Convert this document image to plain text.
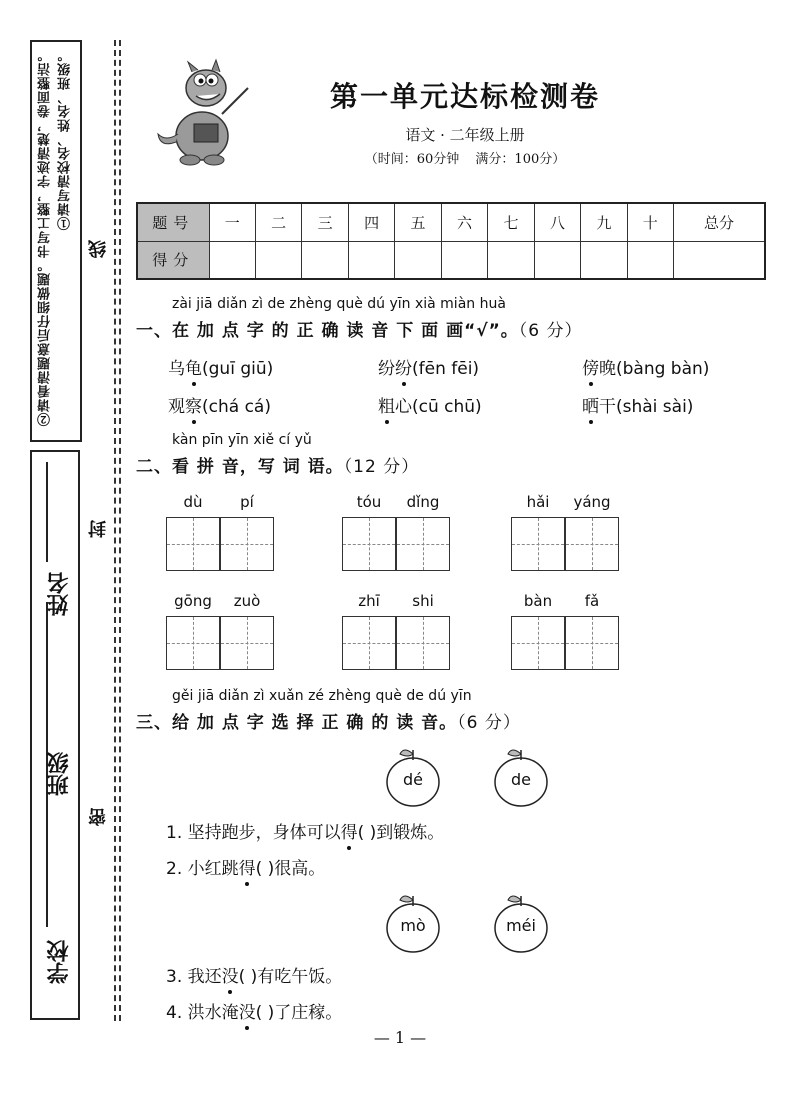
①请写清校名、姓名、班级。
②请看清题意后仔细做题。书写工整，字迹清楚，卷面整洁。
学校
班级
姓名
线
封
密
第一单元达标检测卷
语文 · 二年级上册
（时间：60分钟 满分：100分）
题号	一	二	三	四	五	六	七	八	九	十	总分
得分											
zài jiā diǎn zì de zhèng què dú yīn xià miàn huà
一、在 加 点 字 的 正 确 读 音 下 面 画“√”。（6 分）
乌龟(guī giū)	纷纷(fēn fēi)	傍晚(bàng bàn)
观察(chá cá)	粗心(cū chū)	晒干(shài sài)
kàn pīn yīn xiě cí yǔ
二、看 拼 音，写 词 语。（12 分）
dù	pí	tóu	dǐng	hǎi	yáng
gōng	zuò	zhī	shi	bàn	fǎ
gěi jiā diǎn zì xuǎn zé zhèng què de dú yīn
三、给 加 点 字 选 择 正 确 的 读 音。（6 分）
dé	de
1. 坚持跑步，身体可以得( )到锻炼。
2. 小红跳得( )很高。
mò	méi
3. 我还没( )有吃午饭。
4. 洪水淹没( )了庄稼。
— 1 —
